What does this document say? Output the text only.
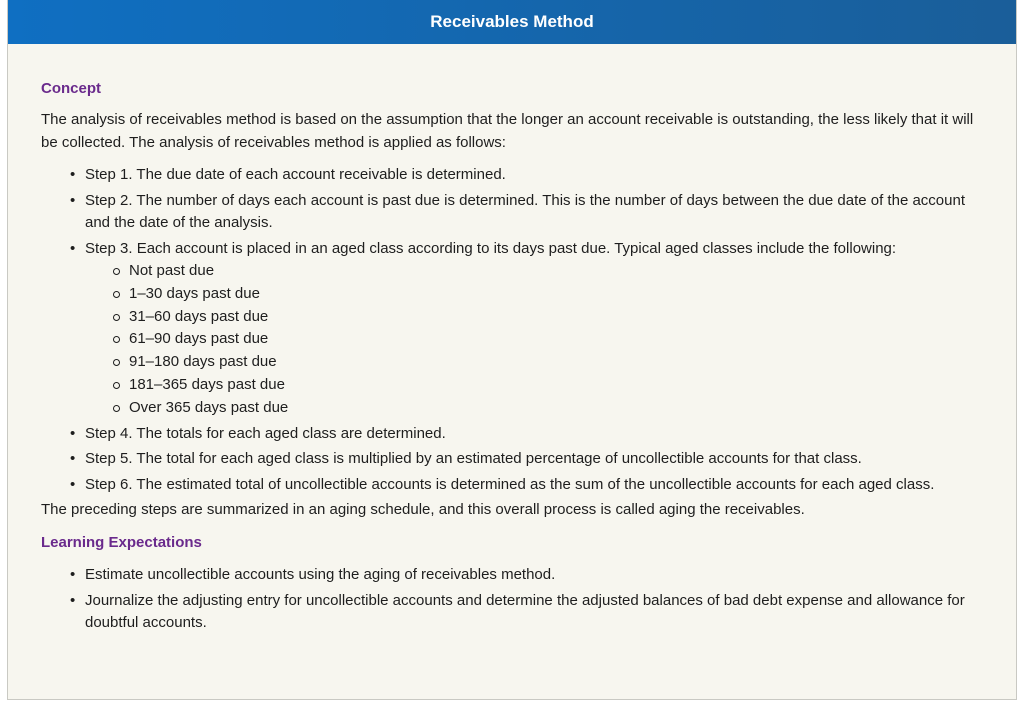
Receivables Method
Concept

The analysis of receivables method is based on the assumption that the longer an account receivable is outstanding, the less likely that it will be collected. The analysis of receivables method is applied as follows:

• Step 1. The due date of each account receivable is determined.
• Step 2. The number of days each account is past due is determined. This is the number of days between the due date of the account and the date of the analysis.
• Step 3. Each account is placed in an aged class according to its days past due. Typical aged classes include the following:
Not past due
1–30 days past due
31–60 days past due
61–90 days past due
91–180 days past due
181–365 days past due
Over 365 days past due
• Step 4. The totals for each aged class are determined.
• Step 5. The total for each aged class is multiplied by an estimated percentage of uncollectible accounts for that class.
• Step 6. The estimated total of uncollectible accounts is determined as the sum of the uncollectible accounts for each aged class.

The preceding steps are summarized in an aging schedule, and this overall process is called aging the receivables.

Learning Expectations
• Estimate uncollectible accounts using the aging of receivables method.
• Journalize the adjusting entry for uncollectible accounts and determine the adjusted balances of bad debt expense and allowance for doubtful accounts.
